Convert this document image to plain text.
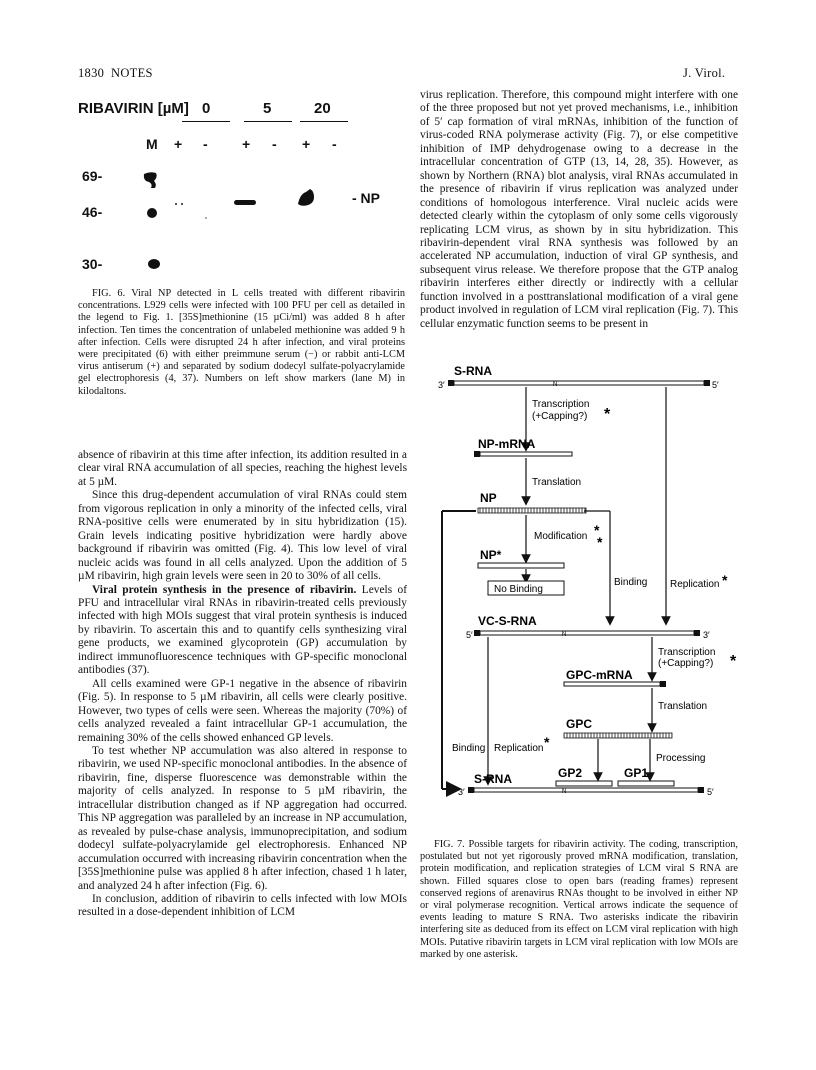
1830 NOTES	J. Virol.
RIBAVIRIN [µM] 0	5	20
M + - + - + -
69-
46-
30-
- NP

FIG. 6. Viral NP detected in L cells treated with different ribavirin concentrations. L929 cells were infected with 100 PFU per cell as detailed in the legend to Fig. 1. [35S]methionine (15 µCi/ml) was added 8 h after infection. Ten times the concentration of unlabeled methionine was added 9 h after infection. Cells were disrupted 24 h after infection, and viral proteins were precipitated (6) with either preimmune serum (−) or rabbit anti-LCM virus antiserum (+) and separated by sodium dodecyl sulfate-polyacrylamide gel electrophoresis (4, 37). Numbers on left show markers (lane M) in kilodaltons.

absence of ribavirin at this time after infection, its addition resulted in a clear viral RNA accumulation of all species, reaching the highest levels at 5 µM.

Since this drug-dependent accumulation of viral RNAs could stem from vigorous replication in only a minority of the infected cells, viral RNA-positive cells were enumerated by in situ hybridization (15). Grain levels indicating positive hybridization were hardly above background if ribavirin was omitted (Fig. 4). This low level of viral nucleic acids was found in all cells analyzed. Upon the addition of 5 µM ribavirin, high grain levels were seen in 20 to 30% of all cells.

Viral protein synthesis in the presence of ribavirin. Levels of PFU and intracellular viral RNAs in ribavirin-treated cells previously infected with high MOIs suggest that viral protein synthesis is induced by ribavirin. To ascertain this and to quantify cells synthesizing viral gene products, we examined glycoprotein (GP) accumulation by indirect immunofluorescence techniques with GP-specific monoclonal antibodies (37).

All cells examined were GP-1 negative in the absence of ribavirin (Fig. 5). In response to 5 µM ribavirin, all cells were clearly positive. However, two types of cells were seen. Whereas the majority (70%) of cells analyzed revealed a faint intracellular GP-1 accumulation, the remaining 30% of the cells showed enhanced GP levels.

To test whether NP accumulation was also altered in response to ribavirin, we used NP-specific monoclonal antibodies. In the absence of ribavirin, fine, disperse fluorescence was demonstrable within the majority of cells analyzed. In response to 5 µM ribavirin, the intracellular distribution changed as if NP aggregation had occurred. This NP aggregation was paralleled by an increase in NP accumulation, as revealed by pulse-chase analysis, immunoprecipitation, and sodium dodecyl sulfate-polyacrylamide gel electrophoresis. Enhanced NP accumulation occurred with increasing ribavirin concentration when the [35S]methionine pulse was applied 8 h after infection, chased 1 h later, and analyzed 24 h after infection (Fig. 6).

In conclusion, addition of ribavirin to cells infected with low MOIs resulted in a dose-dependent inhibition of LCM

virus replication. Therefore, this compound might interfere with one of the three proposed but not yet proved mechanisms, i.e., inhibition of 5′ cap formation of viral mRNAs, inhibition of the function of virus-coded RNA polymerase activity (Fig. 7), or else competitive inhibition of IMP dehydrogenase owing to a decrease in the intracellular concentration of GTP (13, 14, 28, 35). However, as shown by Northern (RNA) blot analysis, viral RNAs accumulated in the presence of ribavirin if virus replication was analyzed under conditions of homologous interference. Viral nucleic acids were detected clearly within the cytoplasm of only some cells vigorously replicating LCM virus, as shown by in situ hybridization. This ribavirin-dependent viral RNA synthesis was followed by an accelerated NP accumulation, induction of viral GP synthesis, and subsequent virus release. We therefore propose that the GTP analog ribavirin interferes either directly or indirectly with a cellular function involved in a posttranslational modification of a viral gene product involved in regulation of LCM viral replication (Fig. 7). This cellular enzymatic function seems to be present in

S-RNA
3′	N	5′
Transcription
(+Capping?) *
NP-mRNA
Translation
NP
Modification *
*
NP*
No Binding
Binding Replication *
VC-S-RNA
5′	N	3′
Transcription
(+Capping?) *
GPC-mRNA
Translation
GPC
Processing
GP2	GP1
Binding Replication *
S-RNA
3′	N	5′

FIG. 7. Possible targets for ribavirin activity. The coding, transcription, postulated but not yet rigorously proved mRNA modification, translation, protein modification, and replication strategies of LCM viral S RNA are shown. Filled squares close to open bars (reading frames) represent conserved regions of arenavirus RNAs thought to be involved in either NP or viral polymerase recognition. Vertical arrows indicate the sequence of events leading to mature S RNA. Two asterisks indicate the ribavirin interfering site as deduced from its effect on LCM viral replication with high MOIs. Putative ribavirin targets in LCM viral replication with low MOIs are marked by one asterisk.
